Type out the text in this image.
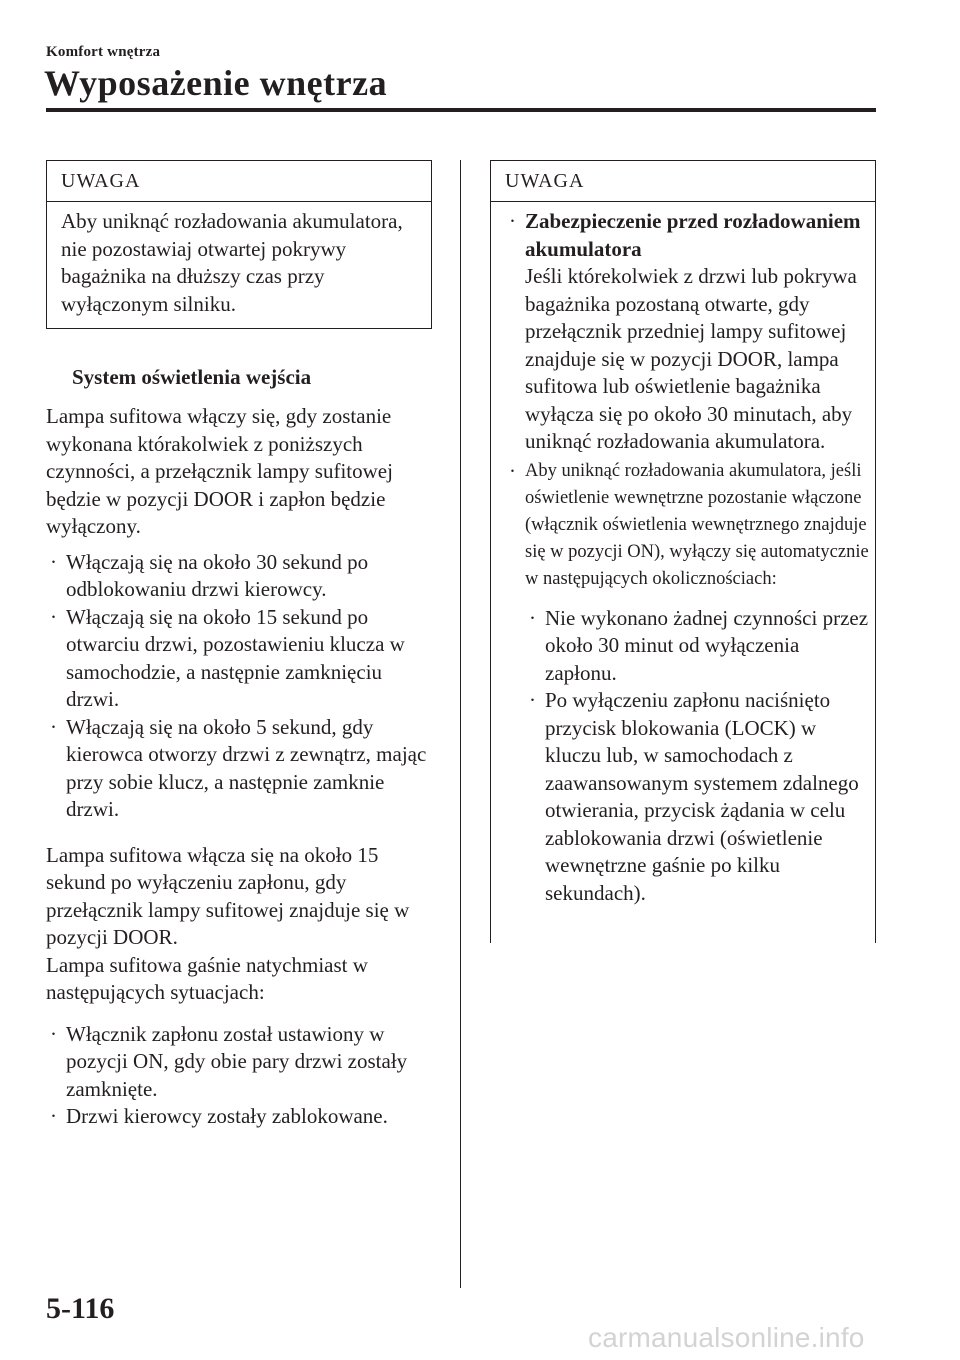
Komfort wnętrza
Wyposażenie wnętrza
UWAGA
Aby uniknąć rozładowania akumulatora, nie pozostawiaj otwartej pokrywy bagażnika na dłuższy czas przy wyłączonym silniku.
System oświetlenia wejścia

Lampa sufitowa włączy się, gdy zostanie wykonana którakolwiek z poniższych czynności, a przełącznik lampy sufitowej będzie w pozycji DOOR i zapłon będzie wyłączony.

· Włączają się na około 30 sekund po odblokowaniu drzwi kierowcy.
· Włączają się na około 15 sekund po otwarciu drzwi, pozostawieniu klucza w samochodzie, a następnie zamknięciu drzwi.
· Włączają się na około 5 sekund, gdy kierowca otworzy drzwi z zewnątrz, mając przy sobie klucz, a następnie zamknie drzwi.

Lampa sufitowa włącza się na około 15 sekund po wyłączeniu zapłonu, gdy przełącznik lampy sufitowej znajduje się w pozycji DOOR.

Lampa sufitowa gaśnie natychmiast w następujących sytuacjach:

· Włącznik zapłonu został ustawiony w pozycji ON, gdy obie pary drzwi zostały zamknięte.
· Drzwi kierowcy zostały zablokowane.
UWAGA
· Zabezpieczenie przed rozładowaniem akumulatora
Jeśli którekolwiek z drzwi lub pokrywa bagażnika pozostaną otwarte, gdy przełącznik przedniej lampy sufitowej znajduje się w pozycji DOOR, lampa sufitowa lub oświetlenie bagażnika wyłącza się po około 30 minutach, aby uniknąć rozładowania akumulatora.
· Aby uniknąć rozładowania akumulatora, jeśli oświetlenie wewnętrzne pozostanie włączone (włącznik oświetlenia wewnętrznego znajduje się w pozycji ON), wyłączy się automatycznie w następujących okolicznościach:
· Nie wykonano żadnej czynności przez około 30 minut od wyłączenia zapłonu.
· Po wyłączeniu zapłonu naciśnięto przycisk blokowania (LOCK) w kluczu lub, w samochodach z zaawansowanym systemem zdalnego otwierania, przycisk żądania w celu zablokowania drzwi (oświetlenie wewnętrzne gaśnie po kilku sekundach).
5-116
carmanualsonline.info
